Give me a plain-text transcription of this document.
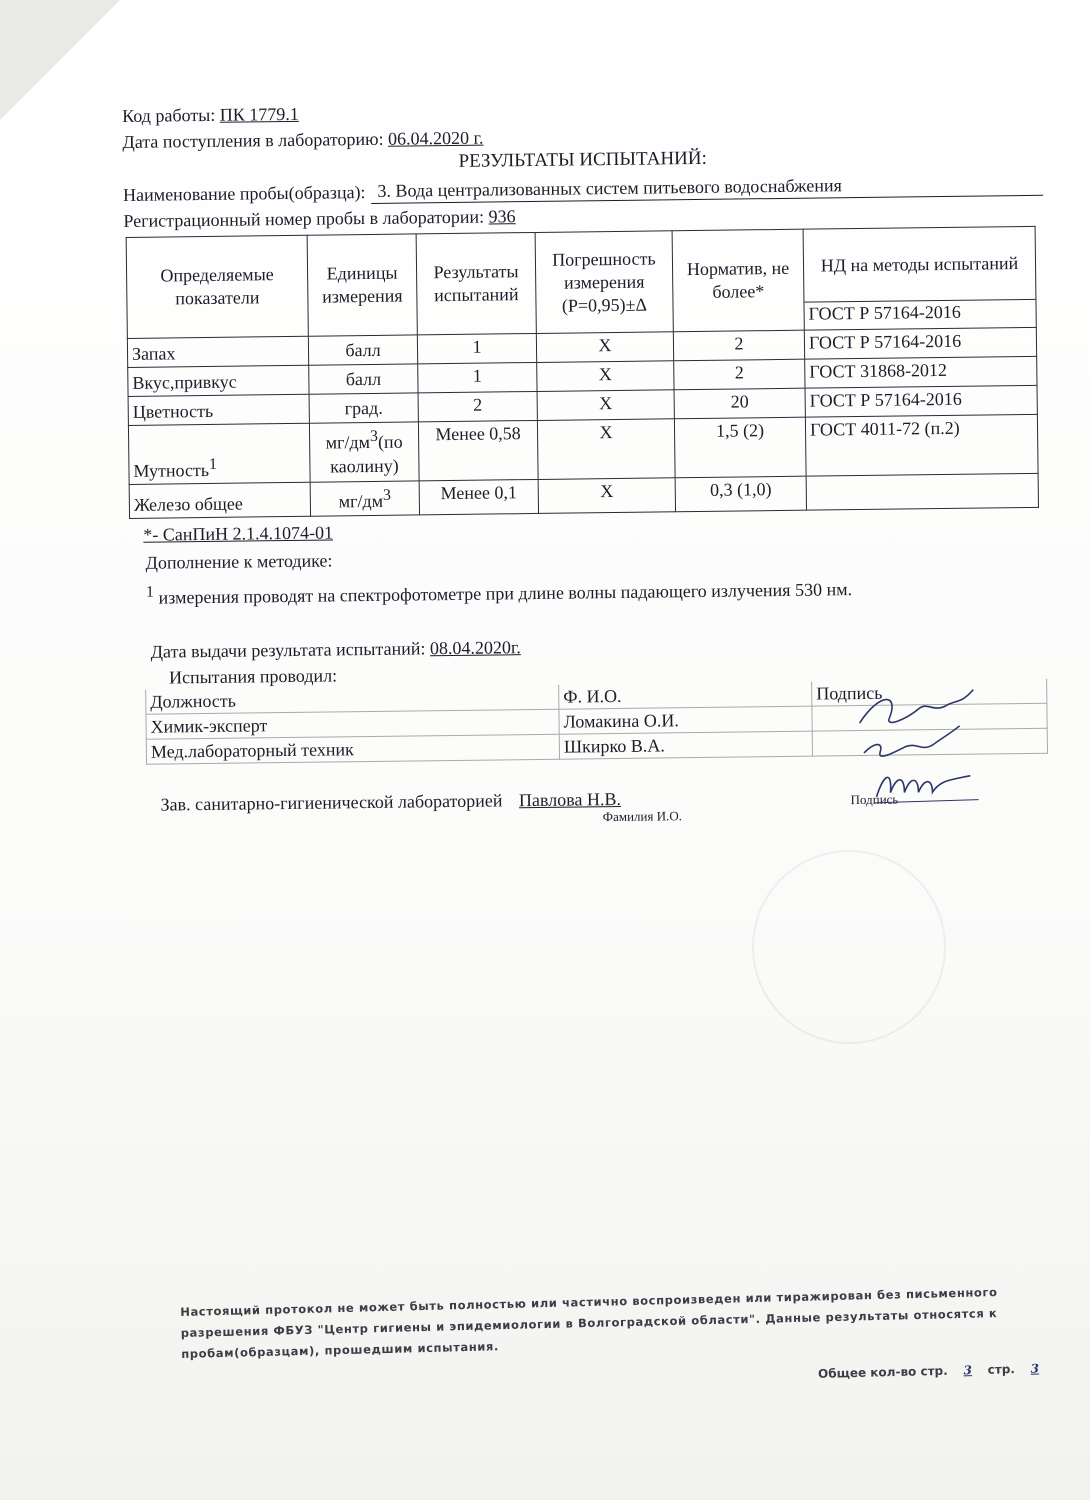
Код работы: ПК 1779.1
Дата поступления в лабораторию: 06.04.2020 г.
РЕЗУЛЬТАТЫ ИСПЫТАНИЙ:
Наименование пробы(образца): 3. Вода централизованных систем питьевого водоснабжения
Регистрационный номер пробы в лаборатории: 936
Определяемые показатели	Единицы измерения	Результаты испытаний	Погрешность измерения (P=0,95)±Δ	Норматив, не более*	НД на методы испытаний
ГОСТ Р 57164-2016

Запах	балл	1	Х	2	ГОСТ Р 57164-2016
Вкус,привкус	балл	1	Х	2	ГОСТ 31868-2012
Цветность	град.	2	Х	20	ГОСТ Р 57164-2016
Мутность$^1$	$мг/дм^3(по$ каолину)	Менее 0,58	Х	1,5 (2)	ГОСТ 4011-72 (п.2)
Железо общее	$мг/дм^3$	Менее 0,1	Х	0,3 (1,0)	
*- СанПиН 2.1.4.1074-01
Дополнение к методике:
$^1$ измерения проводят на спектрофотометре при длине волны падающего излучения 530 нм.
Дата выдачи результата испытаний: 08.04.2020г.
Испытания проводил:
Должность	Ф. И.О.	Подпись
Химик-эксперт	Ломакина О.И.	
Мед.лабораторный техник	Шкирко В.А.	
Зав. санитарно-гигиенической лабораторией Павлова Н.В.	Подпись
Фамилия И.О.
Настоящий протокол не может быть полностью или частично воспроизведен или тиражирован без письменного разрешения ФБУЗ "Центр гигиены и эпидемиологии в Волгоградской области". Данные результаты относятся к пробам(образцам), прошедшим испытания.
Общее кол-во стр. 3 стр. 3
